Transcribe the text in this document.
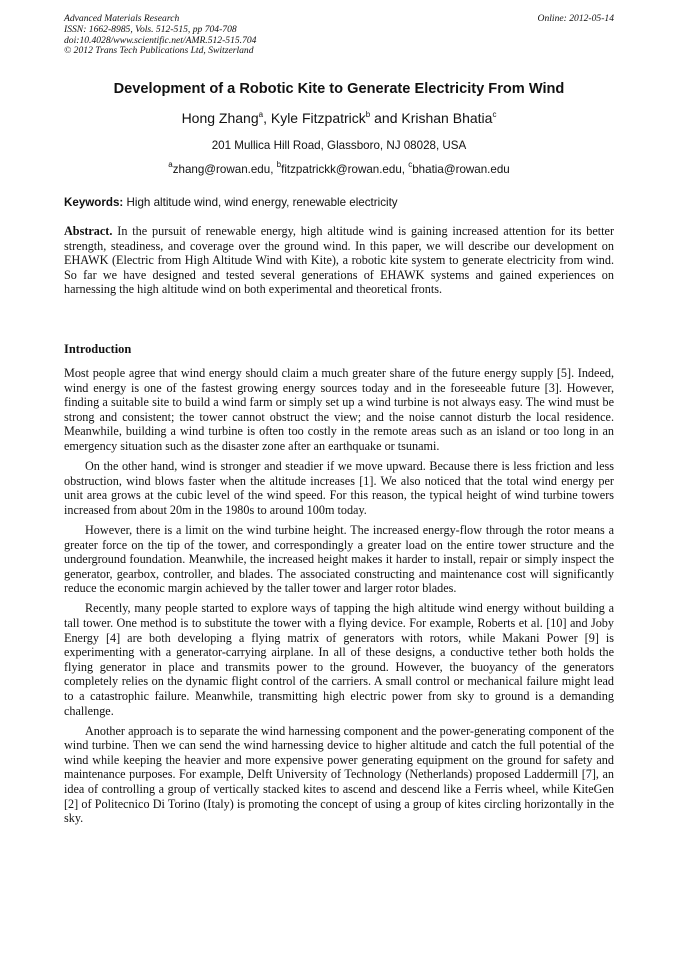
Advanced Materials Research
ISSN: 1662-8985, Vols. 512-515, pp 704-708
doi:10.4028/www.scientific.net/AMR.512-515.704
© 2012 Trans Tech Publications Ltd, Switzerland
Online: 2012-05-14
Development of a Robotic Kite to Generate Electricity From Wind
Hong Zhang$^a$, Kyle Fitzpatrick$^b$ and Krishan Bhatia$^c$
201 Mullica Hill Road, Glassboro, NJ 08028, USA
$^a$zhang@rowan.edu, $^b$fitzpatrickk@rowan.edu, $^c$bhatia@rowan.edu
Keywords: High altitude wind, wind energy, renewable electricity
Abstract. In the pursuit of renewable energy, high altitude wind is gaining increased attention for its better strength, steadiness, and coverage over the ground wind. In this paper, we will describe our development on EHAWK (Electric from High Altitude Wind with Kite), a robotic kite system to generate electricity from wind. So far we have designed and tested several generations of EHAWK systems and gained experiences on harnessing the high altitude wind on both experimental and theoretical fronts.
Introduction

Most people agree that wind energy should claim a much greater share of the future energy supply [5]. Indeed, wind energy is one of the fastest growing energy sources today and in the foreseeable future [3]. However, finding a suitable site to build a wind farm or simply set up a wind turbine is not always easy. The wind must be strong and consistent; the tower cannot obstruct the view; and the noise cannot disturb the local residence. Meanwhile, building a wind turbine is often too costly in the remote areas such as an island or too long in an emergency situation such as the disaster zone after an earthquake or tsunami.

On the other hand, wind is stronger and steadier if we move upward. Because there is less friction and less obstruction, wind blows faster when the altitude increases [1]. We also noticed that the total wind energy per unit area grows at the cubic level of the wind speed. For this reason, the typical height of wind turbine towers increased from about 20m in the 1980s to around 100m today.

However, there is a limit on the wind turbine height. The increased energy-flow through the rotor means a greater force on the tip of the tower, and correspondingly a greater load on the entire tower structure and the underground foundation. Meanwhile, the increased height makes it harder to install, repair or simply inspect the generator, gearbox, controller, and blades. The associated constructing and maintenance cost will significantly reduce the economic margin achieved by the taller tower and larger rotor blades.

Recently, many people started to explore ways of tapping the high altitude wind energy without building a tall tower. One method is to substitute the tower with a flying device. For example, Roberts et al. [10] and Joby Energy [4] are both developing a flying matrix of generators with rotors, while Makani Power [9] is experimenting with a generator-carrying airplane. In all of these designs, a conductive tether both holds the flying generator in place and transmits power to the ground. However, the buoyancy of the generators completely relies on the dynamic flight control of the carriers. A small control or mechanical failure might lead to a catastrophic failure. Meanwhile, transmitting high electric power from sky to ground is a demanding challenge.

Another approach is to separate the wind harnessing component and the power-generating component of the wind turbine. Then we can send the wind harnessing device to higher altitude and catch the full potential of the wind while keeping the heavier and more expensive power generating equipment on the ground for safety and maintenance purposes. For example, Delft University of Technology (Netherlands) proposed Laddermill [7], an idea of controlling a group of vertically stacked kites to ascend and descend like a Ferris wheel, while KiteGen [2] of Politecnico Di Torino (Italy) is promoting the concept of using a group of kites circling horizontally in the sky.
